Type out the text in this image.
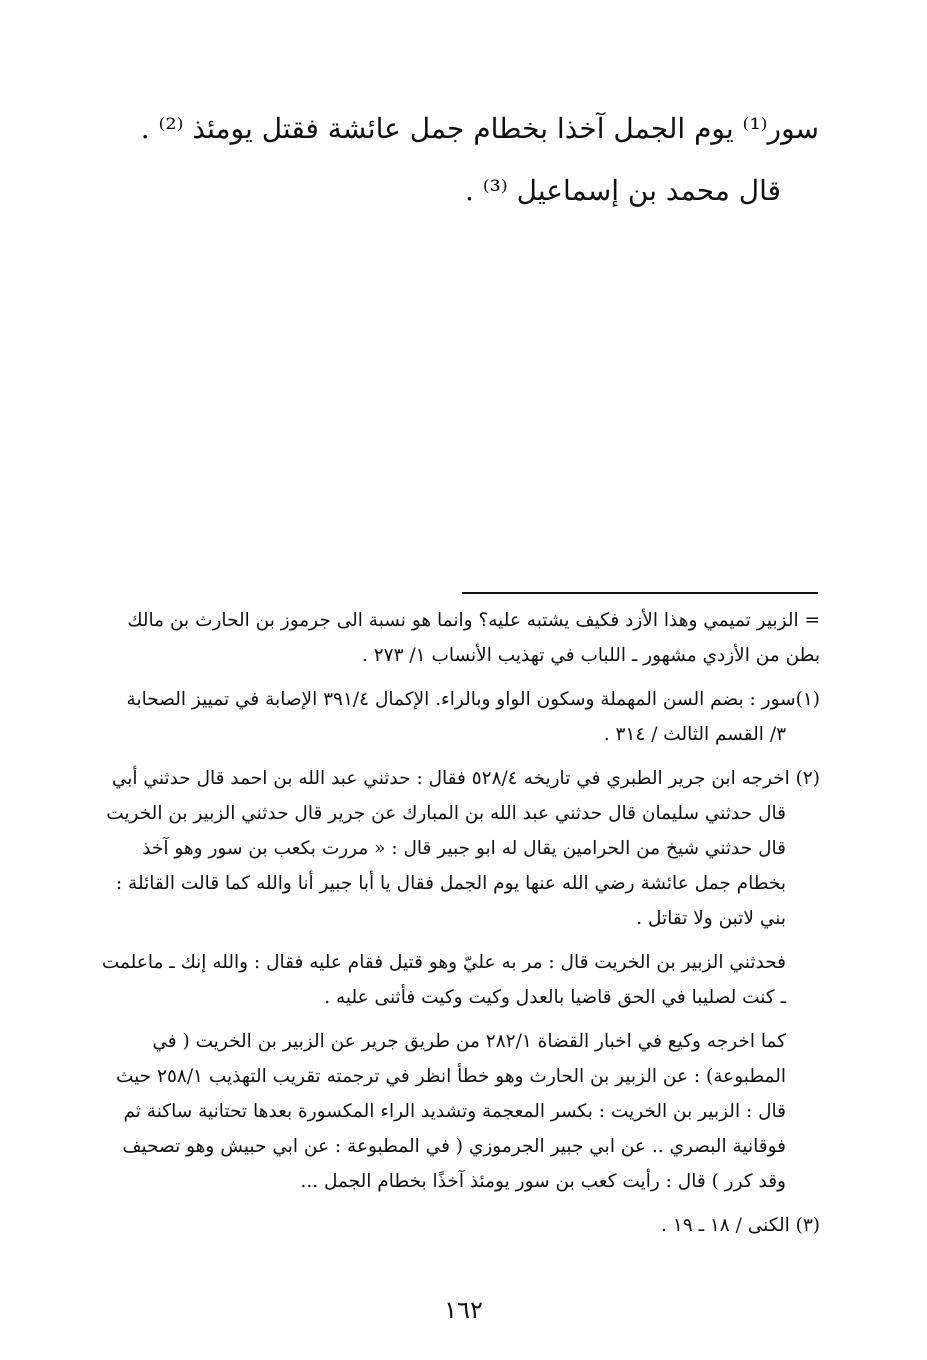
سور⁽¹⁾ يوم الجمل آخذا بخطام جمل عائشة فقتل يومئذ ⁽²⁾ .
قال محمد بن إسماعيل ⁽³⁾ .
= الزبير تميمي وهذا الأزد فكيف يشتبه عليه؟ وانما هو نسبة الى جرموز بن الحارث بن مالك
بطن من الأزدي مشهور ـ اللباب في تهذيب الأنساب ١/ ٢٧٣ .
(١)سور : بضم السن المهملة وسكون الواو وبالراء. الإكمال ٣٩١/٤ الإصابة في تمييز الصحابة
٣/ القسم الثالث / ٣١٤ .
(٢) اخرجه ابن جرير الطبري في تاريخه ٥٢٨/٤ فقال : حدثني عبد الله بن احمد قال حدثني أبي
قال حدثني سليمان قال حدثني عبد الله بن المبارك عن جرير قال حدثني الزبير بن الخريت
قال حدثني شيخ من الحرامين يقال له ابو جبير قال : « مررت بكعب بن سور وهو آخذ
بخطام جمل عائشة رضي الله عنها يوم الجمل فقال يا أبا جبير أنا والله كما قالت القائلة :
بني لاتبن ولا تقاتل .
فحدثني الزبير بن الخريت قال : مر به عليّ وهو قتيل فقام عليه فقال : والله إنك ـ ماعلمت
ـ كنت لصليبا في الحق قاضيا بالعدل وكيت وكيت فأثنى عليه .
كما اخرجه وكيع في اخبار القضاة ٢٨٢/١ من طريق جرير عن الزبير بن الخريت ( في
المطبوعة) : عن الزبير بن الحارث وهو خطأ انظر في ترجمته تقريب التهذيب ٢٥٨/١ حيث
قال : الزبير بن الخريت : بكسر المعجمة وتشديد الراء المكسورة بعدها تحتانية ساكنة ثم
فوقانية البصري .. عن ابي جبير الجرموزي ( في المطبوعة : عن ابي حبيش وهو تصحيف
وقد كرر ) قال : رأيت كعب بن سور يومئذ آخذًا بخطام الجمل ...
(٣) الكنى / ١٨ ـ ١٩ .
١٦٢
